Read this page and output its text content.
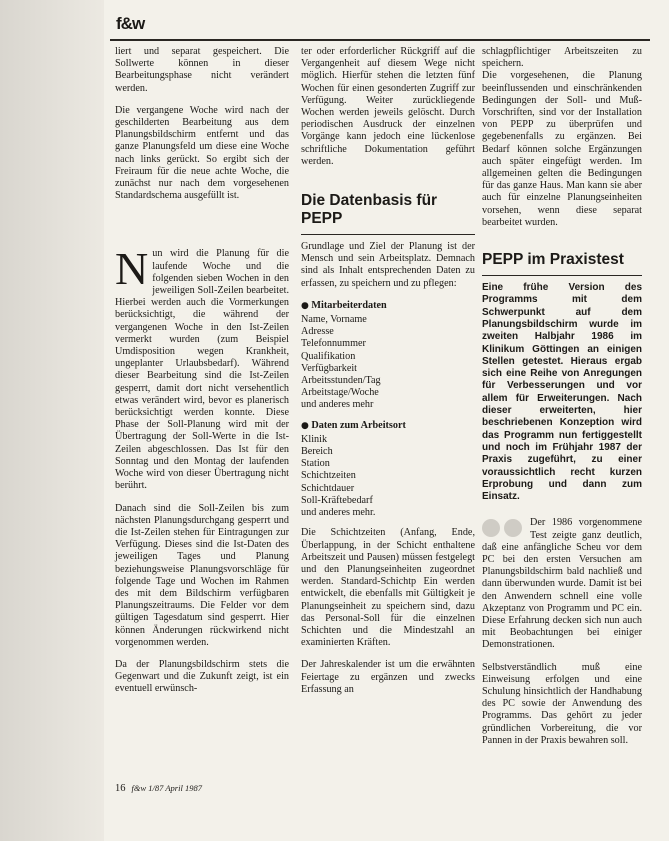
f&w

liert und separat gespeichert. Die Sollwerte können in dieser Bearbeitungsphase nicht verändert werden.

Die vergangene Woche wird nach der geschilderten Bearbeitung aus dem Planungsbildschirm entfernt und das ganze Planungsfeld um diese eine Woche nach links gerückt. So ergibt sich der Freiraum für die neue achte Woche, die zunächst nur nach dem vorgesehenen Standardschema ausgefüllt ist.

Nun wird die Planung für die laufende Woche und die folgenden sieben Wochen in den jeweiligen Soll-Zeilen bearbeitet. Hierbei werden auch die Vormerkungen berücksichtigt, die während der vergangenen Woche in den Ist-Zeilen vermerkt wurden (zum Beispiel Umdisposition wegen Krankheit, ungeplanter Urlaubsbedarf). Während dieser Bearbeitung sind die Ist-Zeilen gesperrt, damit dort nicht versehentlich etwas verändert wird, bevor es planerisch berücksichtigt werden konnte. Diese Phase der Soll-Planung wird mit der Übertragung der Soll-Werte in die Ist-Zeilen abgeschlossen. Das Ist für den Sonntag und den Montag der laufenden Woche wird von dieser Übertragung nicht berührt.

Danach sind die Soll-Zeilen bis zum nächsten Planungsdurchgang gesperrt und die Ist-Zeilen stehen für Eintragungen zur Verfügung. Dieses sind die Ist-Daten des jeweiligen Tages und Planung beziehungsweise Planungsvorschläge für folgende Tage und Wochen im Rahmen des mit dem Bildschirm verfügbaren Planungszeitraums. Die Felder vor dem gültigen Tagesdatum sind gesperrt. Hier können Änderungen rückwirkend nicht vorgenommen werden.

Da der Planungsbildschirm stets die Gegenwart und die Zukunft zeigt, ist ein eventuell erwünsch-

ter oder erforderlicher Rückgriff auf die Vergangenheit auf diesem Wege nicht möglich. Hierfür stehen die letzten fünf Wochen für einen gesonderten Zugriff zur Verfügung. Weiter zurückliegende Wochen werden jeweils gelöscht. Durch periodischen Ausdruck der einzelnen Vorgänge kann jedoch eine lückenlose schriftliche Dokumentation geführt werden.

Die Datenbasis für PEPP

Grundlage und Ziel der Planung ist der Mensch und sein Arbeitsplatz. Demnach sind als Inhalt entsprechenden Daten zu erfassen, zu speichern und zu pflegen:

● Mitarbeiterdaten
Name, Vorname
Adresse
Telefonnummer
Qualifikation
Verfügbarkeit
Arbeitsstunden/Tag
Arbeitstage/Woche
und anderes mehr
● Daten zum Arbeitsort
Klinik
Bereich
Station
Schichtzeiten
Schichtdauer
Soll-Kräftebedarf
und anderes mehr.

Die Schichtzeiten (Anfang, Ende, Überlappung, in der Schicht enthaltene Arbeitszeit und Pausen) müssen festgelegt und den Planungseinheiten zugeordnet werden. Standard-Schichtp Ein werden entwickelt, die ebenfalls mit Gültigkeit je Planungseinheit zu speichern sind, dazu das Personal-Soll für die einzelnen Schichten und die Mindestzahl an examinierten Kräften.

Der Jahreskalender ist um die erwähnten Feiertage zu ergänzen und zwecks Erfassung an

schlagpflichtiger Arbeitszeiten zu speichern.

Die vorgesehenen, die Planung beeinflussenden und einschränkenden Bedingungen der Soll- und Muß-Vorschriften, sind vor der Installation von PEPP zu überprüfen und gegebenenfalls zu ergänzen. Bei Bedarf können solche Ergänzungen auch später eingefügt werden. Im allgemeinen gelten die Bedingungen für das ganze Haus. Man kann sie aber auch für einzelne Planungseinheiten vorsehen, wenn diese separat bearbeitet wurden.

PEPP im Praxistest

Eine frühe Version des Programms mit dem Schwerpunkt auf dem Planungsbildschirm wurde im zweiten Halbjahr 1986 im Klinikum Göttingen an einigen Stellen getestet. Hieraus ergab sich eine Reihe von Anregungen für Verbesserungen und vor allem für Erweiterungen. Nach dieser erweiterten, hier beschriebenen Konzeption wird das Programm nun fertiggestellt und noch im Frühjahr 1987 der Praxis zugeführt, zu einer voraussichtlich recht kurzen Erprobung und dann zum Einsatz.

Der 1986 vorgenommene Test zeigte ganz deutlich, daß eine anfängliche Scheu vor dem PC bei den ersten Versuchen am Planungsbildschirm bald nachließ und dann überwunden wurde. Damit ist bei den Anwendern schnell eine volle Akzeptanz von Programm und PC ein. Diese Erfahrung decken sich nun auch mit Beobachtungen bei einiger Demonstrationen.

Selbstverständlich muß eine Einweisung erfolgen und eine Schulung hinsichtlich der Handhabung des PC sowie der Anwendung des Programms. Das gehört zu jeder gründlichen Vorbereitung, die vor Pannen in der Praxis bewahren soll.

16 f&w 1/87 April 1987
